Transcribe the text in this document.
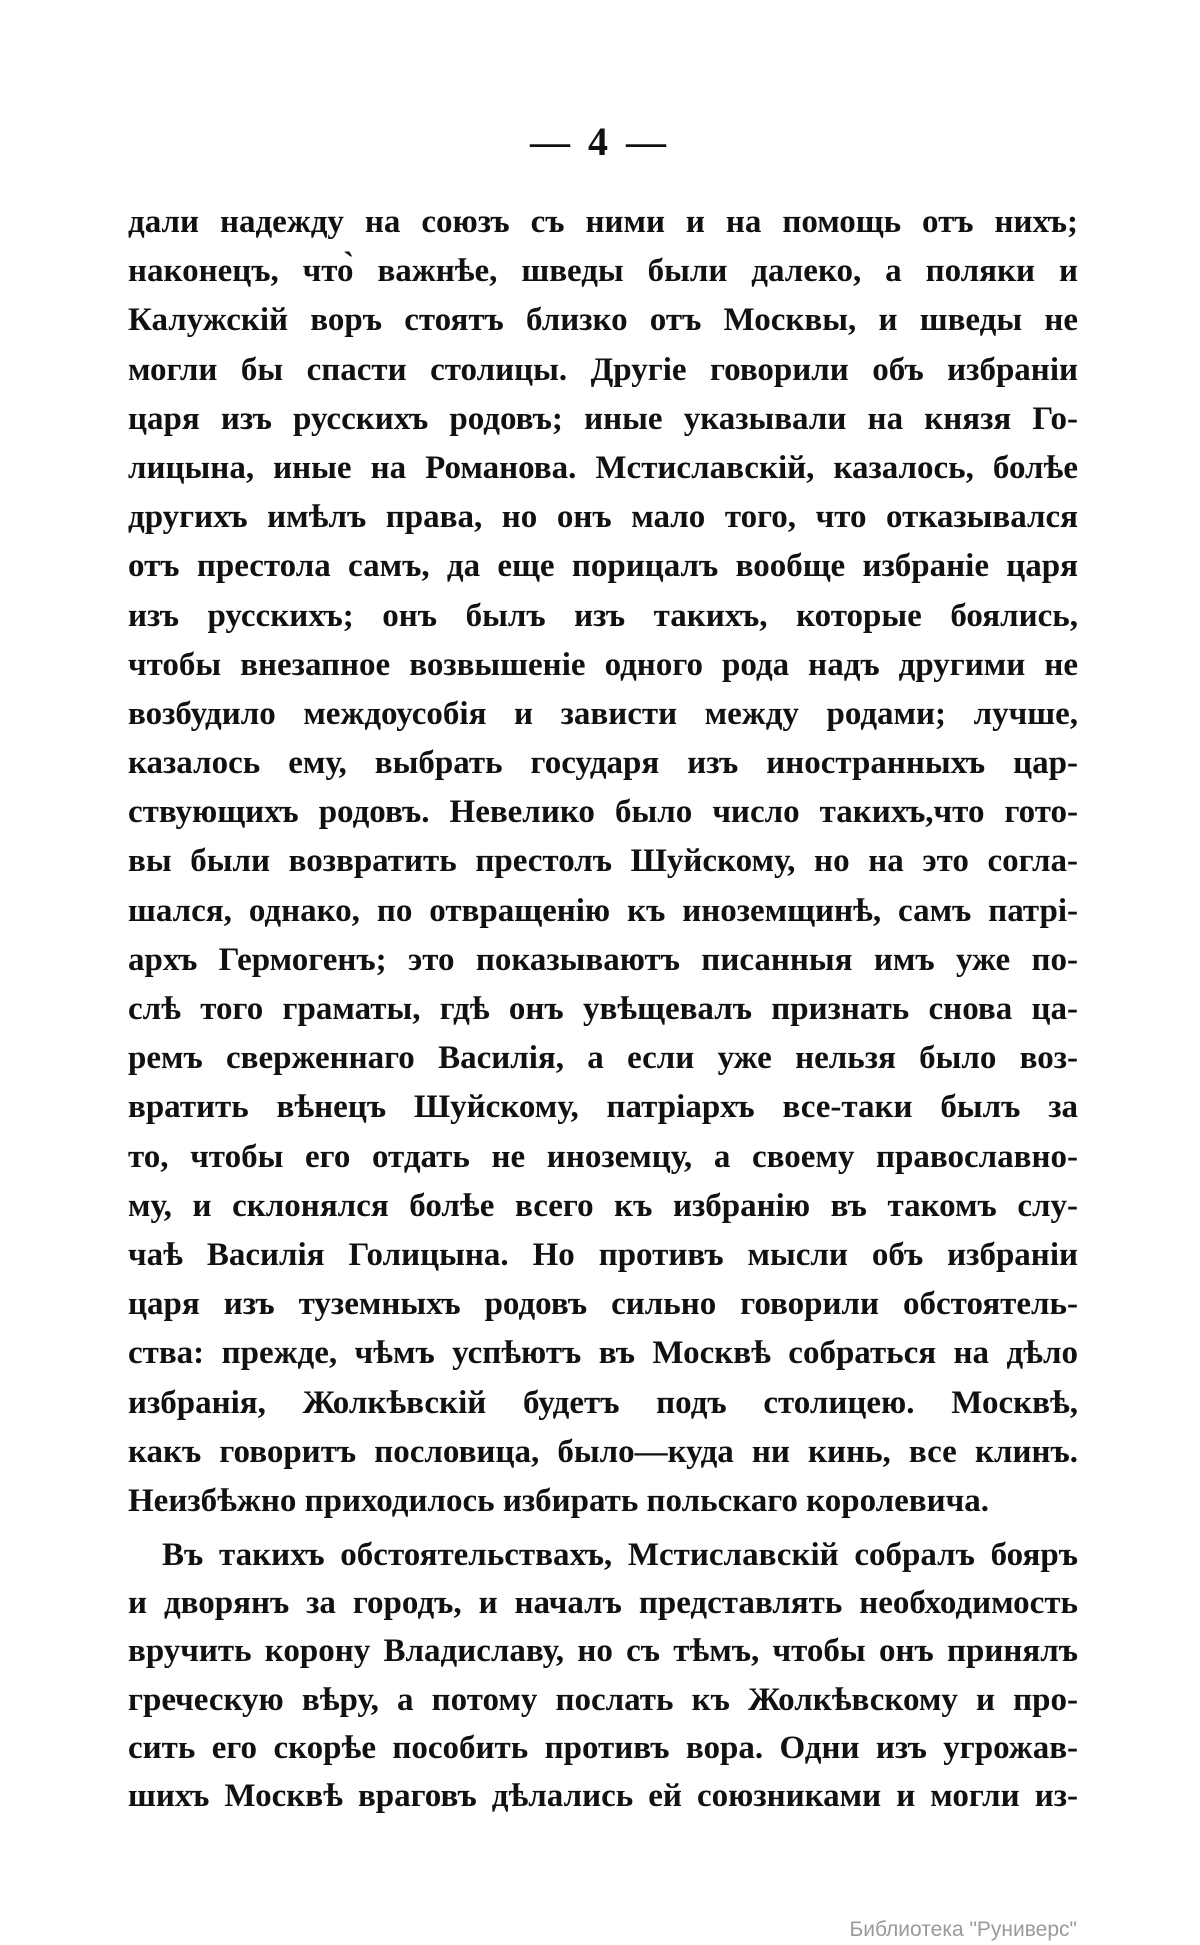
— 4 —
дали надежду на союзъ съ ними и на помощь отъ нихъ;
наконецъ, что̀ важнѣе, шведы были далеко, а поляки и
Калужскій воръ стоятъ близко отъ Москвы, и шведы не
могли бы спасти столицы. Другіе говорили объ избраніи
царя изъ русскихъ родовъ; иные указывали на князя Го-
лицына, иные на Романова. Мстиславскій, казалось, болѣе
другихъ имѣлъ права, но онъ мало того, что отказывался
отъ престола самъ, да еще порицалъ вообще избраніе царя
изъ русскихъ; онъ былъ изъ такихъ, которые боялись,
чтобы внезапное возвышеніе одного рода надъ другими не
возбудило междоусобія и зависти между родами; лучше,
казалось ему, выбрать государя изъ иностранныхъ цар-
ствующихъ родовъ. Невелико было число такихъ,что гото-
вы были возвратить престолъ Шуйскому, но на это согла-
шался, однако, по отвращенію къ иноземщинѣ, самъ патрі-
архъ Гермогенъ; это показываютъ писанныя имъ уже по-
слѣ того граматы, гдѣ онъ увѣщевалъ признать снова ца-
ремъ сверженнаго Василія, а если уже нельзя было воз-
вратить вѣнецъ Шуйскому, патріархъ все-таки былъ за
то, чтобы его отдать не иноземцу, а своему православно-
му, и склонялся болѣе всего къ избранію въ такомъ слу-
чаѣ Василія Голицына. Но противъ мысли объ избраніи
царя изъ туземныхъ родовъ сильно говорили обстоятель-
ства: прежде, чѣмъ успѣютъ въ Москвѣ собраться на дѣло
избранія, Жолкѣвскій будетъ подъ столицею. Москвѣ,
какъ говоритъ пословица, было—куда ни кинь, все клинъ.
Неизбѣжно приходилось избирать польскаго королевича.
Въ такихъ обстоятельствахъ, Мстиславскій собралъ бояръ
и дворянъ за городъ, и началъ представлять необходимость
вручить корону Владиславу, но съ тѣмъ, чтобы онъ принялъ
греческую вѣру, а потому послать къ Жолкѣвскому и про-
сить его скорѣе пособить противъ вора. Одни изъ угрожав-
шихъ Москвѣ враговъ дѣлались ей союзниками и могли из-
Библиотека "Руниверс"
